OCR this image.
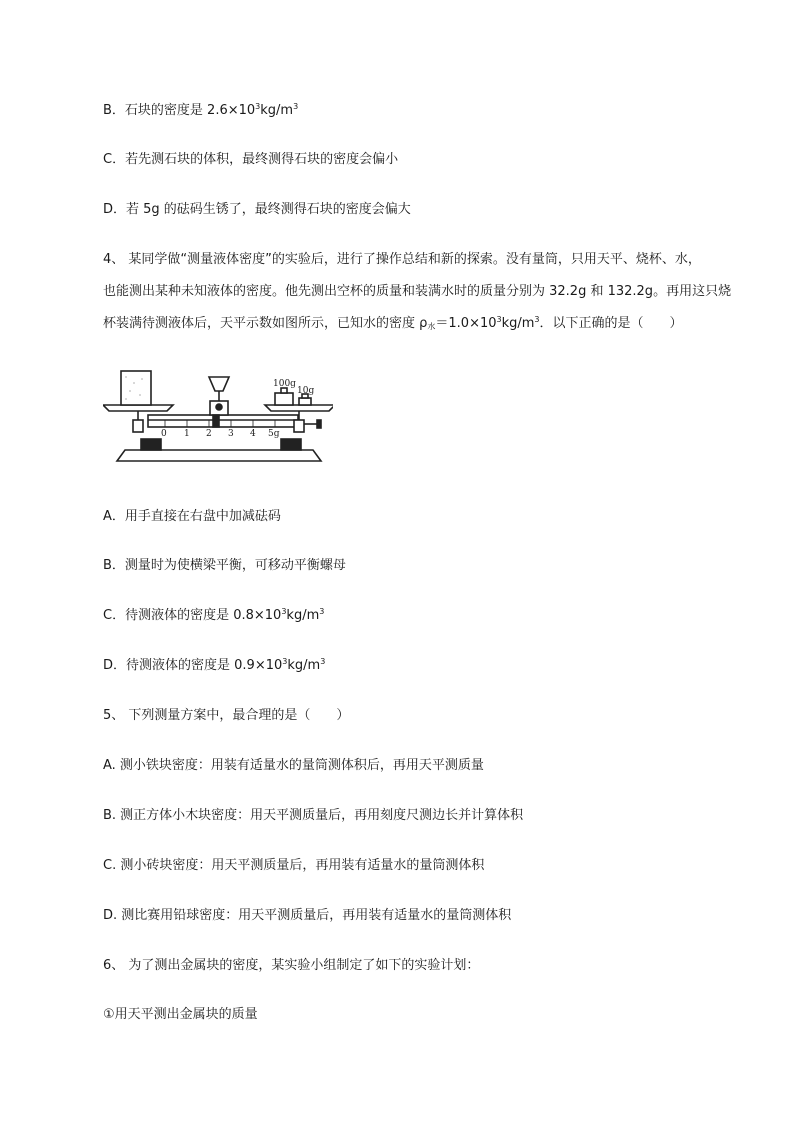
B．石块的密度是 $2.6\times 10^3kg/m^3$
C．若先测石块的体积，最终测得石块的密度会偏小
D．若 5g 的砝码生锈了，最终测得石块的密度会偏大
4、 某同学做“测量液体密度”的实验后，进行了操作总结和新的探索。没有量筒，只用天平、烧杯、水，
也能测出某种未知液体的密度。他先测出空杯的质量和装满水时的质量分别为 32.2g 和 132.2g。再用这只烧
杯装满待测液体后，天平示数如图所示，已知水的密度 $\rho_水=1.0\times 10^3kg/m^3$．以下正确的是（　　）
100g
10g
0 1 2 3 4 5g
A．用手直接在右盘中加减砝码
B．测量时为使横梁平衡，可移动平衡螺母
C．待测液体的密度是 $0.8\times 10^3kg/m^3$
D．待测液体的密度是 $0.9\times 10^3kg/m^3$
5、 下列测量方案中，最合理的是（　　）
A. 测小铁块密度：用装有适量水的量筒测体积后，再用天平测质量
B. 测正方体小木块密度：用天平测质量后，再用刻度尺测边长并计算体积
C. 测小砖块密度：用天平测质量后，再用装有适量水的量筒测体积
D. 测比赛用铅球密度：用天平测质量后，再用装有适量水的量筒测体积
6、 为了测出金属块的密度，某实验小组制定了如下的实验计划：
①用天平测出金属块的质量
